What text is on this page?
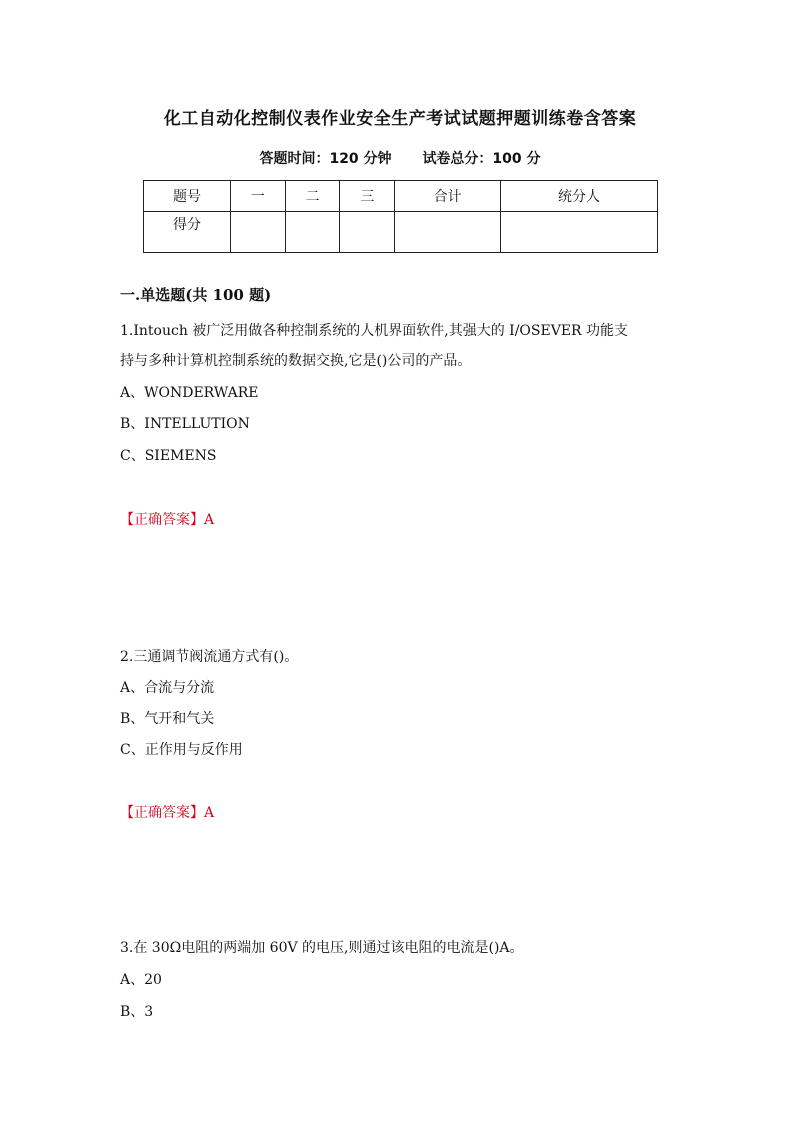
化工自动化控制仪表作业安全生产考试试题押题训练卷含答案
答题时间：120 分钟 试卷总分：100 分
题号	一	二	三	合计	统分人
得分					
一.单选题(共 100 题)
1.Intouch 被广泛用做各种控制系统的人机界面软件,其强大的 I/OSEVER 功能支
持与多种计算机控制系统的数据交换,它是()公司的产品。
A、WONDERWARE
B、INTELLUTION
C、SIEMENS
【正确答案】A
2.三通调节阀流通方式有()。
A、合流与分流
B、气开和气关
C、正作用与反作用
【正确答案】A
3.在 30Ω电阻的两端加 60V 的电压,则通过该电阻的电流是()A。
A、20
B、3
